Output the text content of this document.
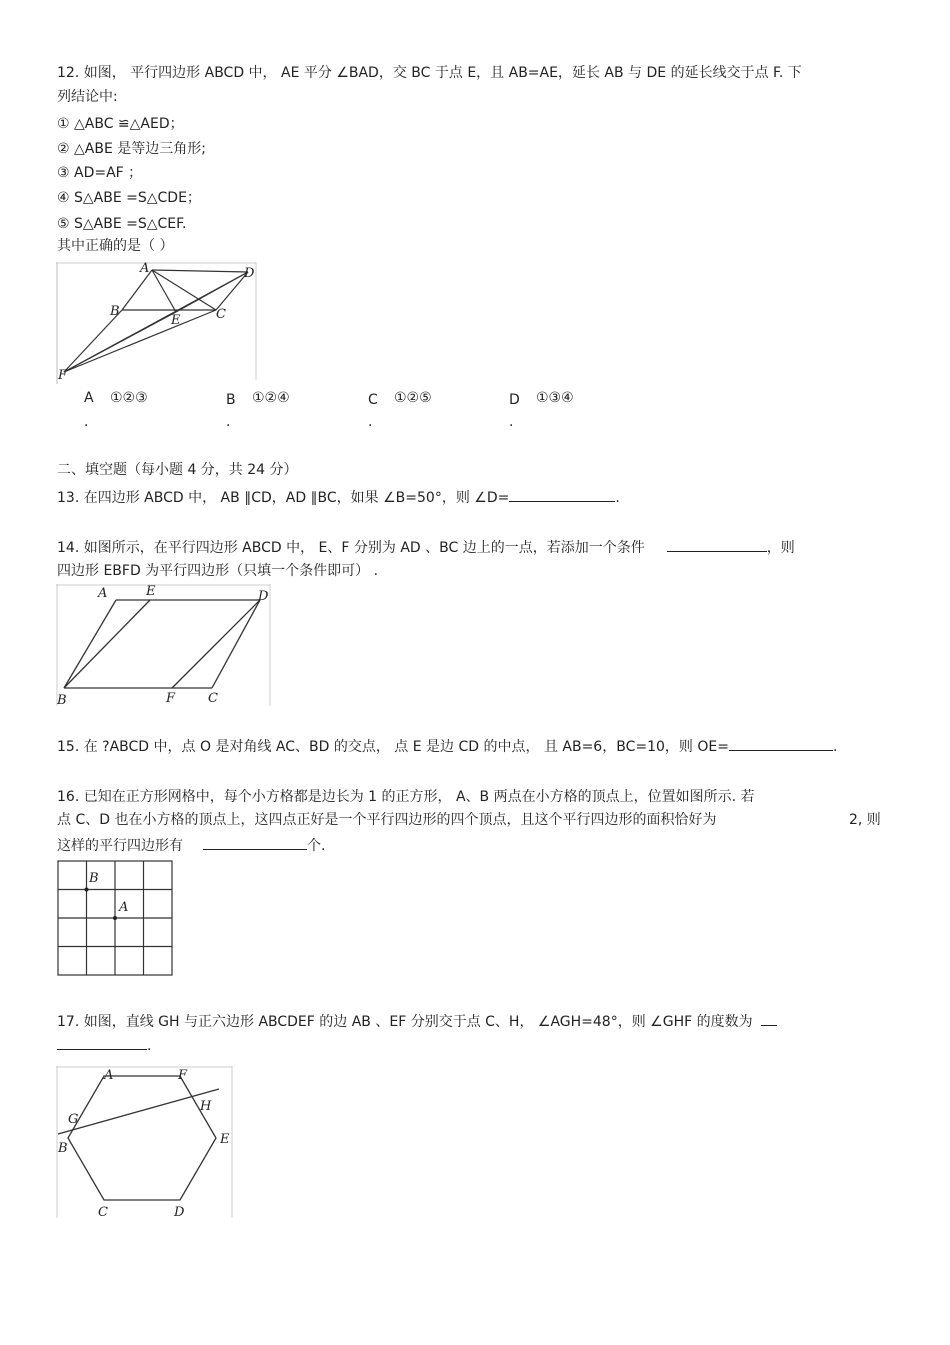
12. 如图， 平行四边形 ABCD 中， AE 平分 ∠BAD，交 BC 于点 E，且 AB=AE，延长 AB 与 DE 的延长线交于点 F. 下
列结论中:
① △ABC ≌△AED；
② △ABE 是等边三角形;
③ AD=AF ；
④ S△ABE =S△CDE；
⑤ S△ABE =S△CEF.
其中正确的是（ ）
A	D
B
E	C
F
A ①②③
.
B ①②④
.
C ①②⑤
.
D ①③④
.
二、填空题（每小题 4 分，共 24 分）
13. 在四边形 ABCD 中， AB ∥CD，AD ∥BC，如果 ∠B=50°，则 ∠D=	.
14. 如图所示，在平行四边形 ABCD 中， E、F 分别为 AD 、BC 边上的一点，若添加一个条件	，则
四边形 EBFD 为平行四边形（只填一个条件即可） .
A	E	D
B	F	C
15. 在 ?ABCD 中，点 O 是对角线 AC、BD 的交点， 点 E 是边 CD 的中点， 且 AB=6，BC=10，则 OE=	.
16. 已知在正方形网格中，每个小方格都是边长为 1 的正方形， A、B 两点在小方格的顶点上，位置如图所示. 若
点 C、D 也在小方格的顶点上，这四点正好是一个平行四边形的四个顶点，且这个平行四边形的面积恰好为	2, 则
这样的平行四边形有	个.
B
A
17. 如图，直线 GH 与正六边形 ABCDEF 的边 AB 、EF 分别交于点 C、H， ∠AGH=48°，则 ∠GHF 的度数为
.
A	F
G
H
B
E
C	D
